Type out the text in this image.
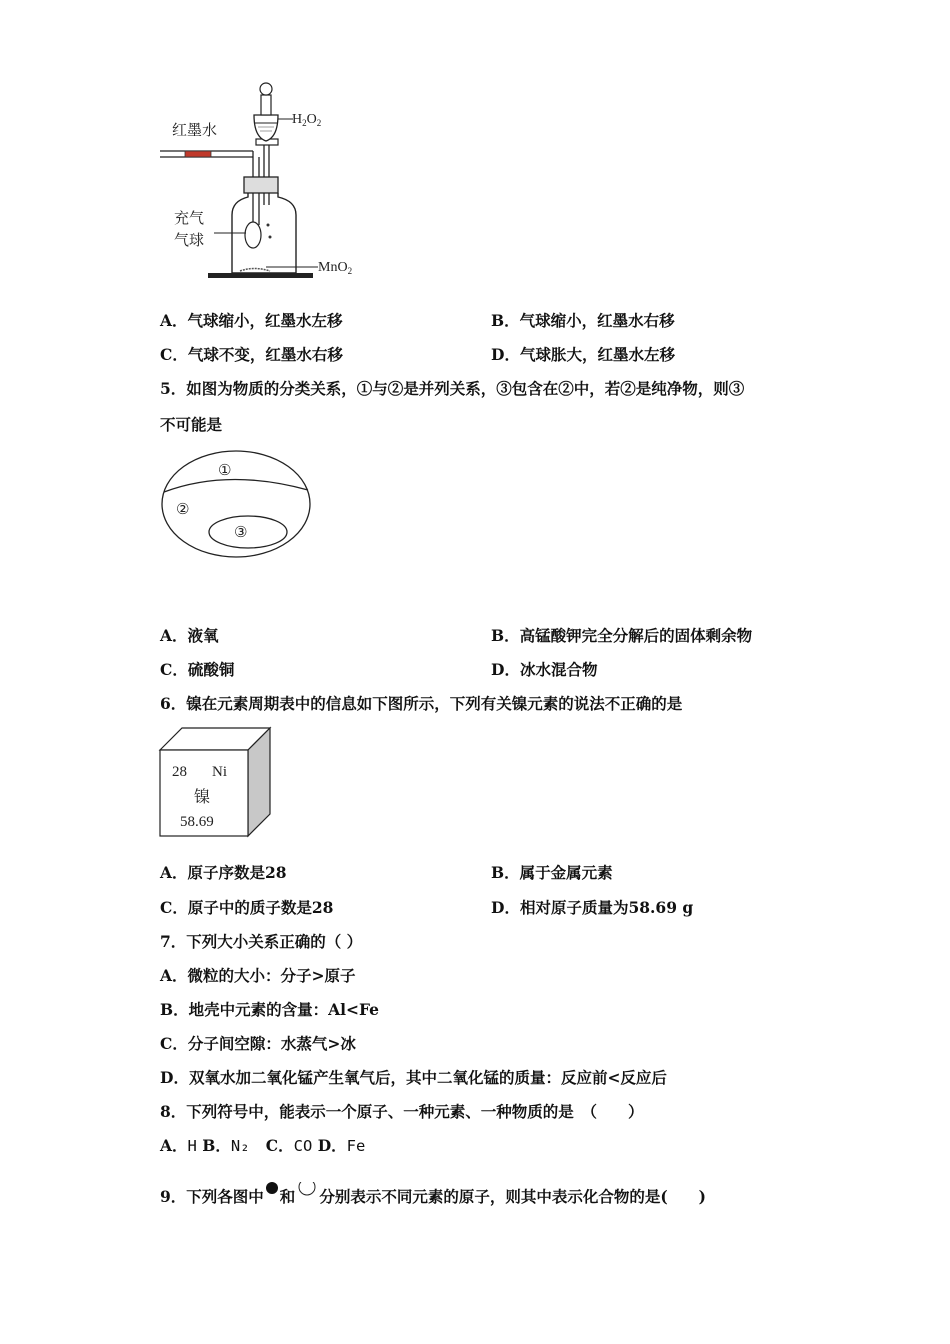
红墨水
充气
气球
$H_2O_2$
MnO$_2$
A．气球缩小，红墨水左移	B．气球缩小，红墨水右移
C．气球不变，红墨水右移	D．气球胀大，红墨水左移
5．如图为物质的分类关系，①与②是并列关系，③包含在②中，若②是纯净物，则③
不可能是
①
②
③
A．液氧	B．高锰酸钾完全分解后的固体剩余物
C．硫酸铜	D．冰水混合物
6．镍在元素周期表中的信息如下图所示，下列有关镍元素的说法不正确的是
28 Ni
镍
58.69
A．原子序数是28	B．属于金属元素
C．原子中的质子数是28	D．相对原子质量为58.69 g
7．下列大小关系正确的（ ）
A．微粒的大小：分子>原子
B．地壳中元素的含量：Al<Fe
C．分子间空隙：水蒸气>冰
D．双氧水加二氧化锰产生氧气后，其中二氧化锰的质量：反应前<反应后
8．下列符号中，能表示一个原子、一种元素、一种物质的是　（　　）
A．H B．N₂ C．CO D．Fe
9．下列各图中 和 分别表示不同元素的原子，则其中表示化合物的是(　　)
